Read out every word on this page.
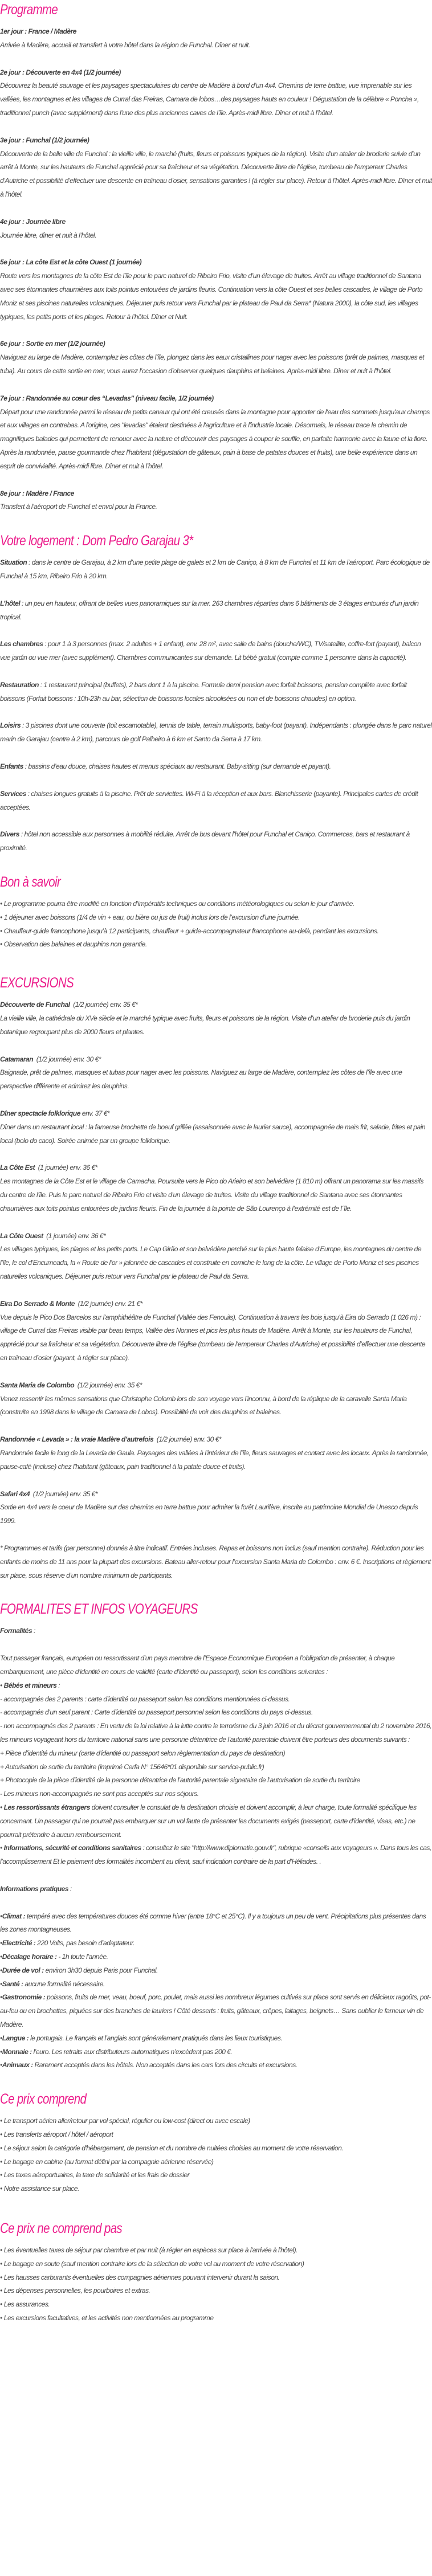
Programme

1er jour : France / Madère

Arrivée à Madère, accueil et transfert à votre hôtel dans la région de Funchal. Dîner et nuit.

2e jour : Découverte en 4x4 (1/2 journée)

Découvrez la beauté sauvage et les paysages spectaculaires du centre de Madère à bord d’un 4x4. Chemins de terre battue, vue imprenable sur les vallées, les montagnes et les villages de Curral das Freiras, Camara de lobos…des paysages hauts en couleur ! Dégustation de la célèbre « Poncha », traditionnel punch (avec supplément) dans l’une des plus anciennes caves de l’île. Après-midi libre. Dîner et nuit à l’hôtel.

3e jour : Funchal (1/2 journée)

Découverte de la belle ville de Funchal : la vieille ville, le marché (fruits, fleurs et poissons typiques de la région). Visite d’un atelier de broderie suivie d’un arrêt à Monte, sur les hauteurs de Funchal apprécié pour sa fraîcheur et sa végétation. Découverte libre de l’église, tombeau de l’empereur Charles d’Autriche et possibilité d’effectuer une descente en traîneau d’osier, sensations garanties ! (à régler sur place). Retour à l’hôtel. Après-midi libre. Dîner et nuit à l’hôtel.

4e jour : Journée libre

Journée libre, dîner et nuit à l’hôtel.

5e jour : La côte Est et la côte Ouest (1 journée)

Route vers les montagnes de la côte Est de l’île pour le parc naturel de Ribeiro Frio, visite d’un élevage de truites. Arrêt au village traditionnel de Santana avec ses étonnantes chaumières aux toits pointus entourées de jardins fleuris. Continuation vers la côte Ouest et ses belles cascades, le village de Porto Moniz et ses piscines naturelles volcaniques. Déjeuner puis retour vers Funchal par le plateau de Paul da Serra* (Natura 2000), la côte sud, les villages typiques, les petits ports et les plages. Retour à l’hôtel. Dîner et Nuit.

6e jour : Sortie en mer (1/2 journée)

Naviguez au large de Madère, contemplez les côtes de l’île, plongez dans les eaux cristallines pour nager avec les poissons (prêt de palmes, masques et tuba). Au cours de cette sortie en mer, vous aurez l’occasion d’observer quelques dauphins et baleines. Après-midi libre. Dîner et nuit à l’hôtel.

7e jour : Randonnée au cœur des “Levadas” (niveau facile, 1/2 journée)

Départ pour une randonnée parmi le réseau de petits canaux qui ont été creusés dans la montagne pour apporter de l'eau des sommets jusqu'aux champs et aux villages en contrebas. A l'origine, ces "levadas" étaient destinées à l'agriculture et à l'industrie locale. Désormais, le réseau trace le chemin de magnifiques balades qui permettent de renouer avec la nature et découvrir des paysages à couper le souffle, en parfaite harmonie avec la faune et la flore. Après la randonnée, pause gourmande chez l’habitant (dégustation de gâteaux, pain à base de patates douces et fruits), une belle expérience dans un esprit de convivialité. Après-midi libre. Dîner et nuit à l’hôtel.

8e jour : Madère / France

Transfert à l’aéroport de Funchal et envol pour la France.

Votre logement : Dom Pedro Garajau 3*

Situation : dans le centre de Garajau, à 2 km d’une petite plage de galets et 2 km de Caniço, à 8 km de Funchal et 11 km de l’aéroport. Parc écologique de Funchal à 15 km, Ribeiro Frio à 20 km.

L’hôtel : un peu en hauteur, offrant de belles vues panoramiques sur la mer. 263 chambres réparties dans 6 bâtiments de 3 étages entourés d’un jardin tropical.

Les chambres : pour 1 à 3 personnes (max. 2 adultes + 1 enfant), env. 28 m², avec salle de bains (douche/WC), TV/satellite, coffre-fort (payant), balcon vue jardin ou vue mer (avec supplément). Chambres communicantes sur demande. Lit bébé gratuit (compte comme 1 personne dans la capacité).

Restauration : 1 restaurant principal (buffets), 2 bars dont 1 à la piscine. Formule demi pension avec forfait boissons, pension complète avec forfait boissons (Forfait boissons : 10h-23h au bar, sélection de boissons locales alcoolisées ou non et de boissons chaudes) en option.

Loisirs : 3 piscines dont une couverte (toit escamotable), tennis de table, terrain multisports, baby-foot (payant). Indépendants : plongée dans le parc naturel marin de Garajau (centre à 2 km), parcours de golf Palheiro à 6 km et Santo da Serra à 17 km.

Enfants : bassins d’eau douce, chaises hautes et menus spéciaux au restaurant. Baby-sitting (sur demande et payant).

Services : chaises longues gratuits à la piscine. Prêt de serviettes. Wi-Fi à la réception et aux bars. Blanchisserie (payante). Principales cartes de crédit acceptées.

Divers : hôtel non accessible aux personnes à mobilité réduite. Arrêt de bus devant l’hôtel pour Funchal et Caniço. Commerces, bars et restaurant à proximité.

Bon à savoir
• Le programme pourra être modifié en fonction d’impératifs techniques ou conditions météorologiques ou selon le jour d’arrivée.
• 1 déjeuner avec boissons (1/4 de vin + eau, ou bière ou jus de fruit) inclus lors de l’excursion d’une journée.
• Chauffeur-guide francophone jusqu’à 12 participants, chauffeur + guide-accompagnateur francophone au-delà, pendant les excursions.
• Observation des baleines et dauphins non garantie.
EXCURSIONS

Découverte de Funchal  (1/2 journée) env. 35 €*

La vieille ville, la cathédrale du XVe siècle et le marché typique avec fruits, fleurs et poissons de la région. Visite d’un atelier de broderie puis du jardin botanique regroupant plus de 2000 fleurs et plantes.

Catamaran  (1/2 journée) env. 30 €*

Baignade, prêt de palmes, masques et tubas pour nager avec les poissons. Naviguez au large de Madère, contemplez les côtes de l’île avec une perspective différente et admirez les dauphins.

Dîner spectacle folklorique env. 37 €*

Dîner dans un restaurant local : la fameuse brochette de boeuf grillée (assaisonnée avec le laurier sauce), accompagnée de maïs frit, salade, frites et pain local (bolo do caco). Soirée animée par un groupe folklorique.

La Côte Est  (1 journée) env. 36 €*

Les montagnes de la Côte Est et le village de Camacha. Poursuite vers le Pico do Arieiro et son belvédère (1 810 m) offrant un panorama sur les massifs du centre de l’île. Puis le parc naturel de Ribeiro Frio et visite d’un élevage de truites. Visite du village traditionnel de Santana avec ses étonnantes chaumières aux toits pointus entourées de jardins fleuris. Fin de la journée à la pointe de São Lourenço à l’extrémité est de l´île.

La Côte Ouest  (1 journée) env. 36 €*

Les villages typiques, les plages et les petits ports. Le Cap Girão et son belvédère perché sur la plus haute falaise d’Europe, les montagnes du centre de l’île, le col d’Encumeada, la « Route de l’or » jalonnée de cascades et construite en corniche le long de la côte. Le village de Porto Moniz et ses piscines naturelles volcaniques. Déjeuner puis retour vers Funchal par le plateau de Paul da Serra.

Eira Do Serrado & Monte  (1/2 journée) env. 21 €*

Vue depuis le Pico Dos Barcelos sur l’amphithéâtre de Funchal (Vallée des Fenouils). Continuation à travers les bois jusqu’à Eira do Serrado (1 026 m) : village de Curral das Freiras visible par beau temps, Vallée des Nonnes et pics les plus hauts de Madère. Arrêt à Monte, sur les hauteurs de Funchal, apprécié pour sa fraîcheur et sa végétation. Découverte libre de l’église (tombeau de l’empereur Charles d’Autriche) et possibilité d’effectuer une descente en traîneau d’osier (payant, à régler sur place).

Santa Maria de Colombo  (1/2 journée) env. 35 €*

Venez ressentir les mêmes sensations que Christophe Colomb lors de son voyage vers l’inconnu, à bord de la réplique de la caravelle Santa Maria (construite en 1998 dans le village de Camara de Lobos). Possibilité de voir des dauphins et baleines.

Randonnée « Levada » : la vraie Madère d’autrefois  (1/2 journée) env. 30 €*

Randonnée facile le long de la Levada de Gaula. Paysages des vallées à l’intérieur de l’île, fleurs sauvages et contact avec les locaux. Après la randonnée, pause-café (incluse) chez l’habitant (gâteaux, pain traditionnel à la patate douce et fruits).

Safari 4x4  (1/2 journée) env. 35 €*

Sortie en 4x4 vers le coeur de Madère sur des chemins en terre battue pour admirer la forêt Laurifère, inscrite au patrimoine Mondial de Unesco depuis 1999.

* Programmes et tarifs (par personne) donnés à titre indicatif. Entrées incluses. Repas et boissons non inclus (sauf mention contraire). Réduction pour les enfants de moins de 11 ans pour la plupart des excursions. Bateau aller-retour pour l’excursion Santa Maria de Colombo : env. 6 €. Inscriptions et règlement sur place, sous réserve d’un nombre minimum de participants.

FORMALITES ET INFOS VOYAGEURS

Formalités :

Tout passager français, européen ou ressortissant d’un pays membre de l’Espace Economique Européen a l’obligation de présenter, à chaque embarquement, une pièce d’identité en cours de validité (carte d’identité ou passeport), selon les conditions suivantes :

• Bébés et mineurs :

- accompagnés des 2 parents : carte d’identité ou passeport selon les conditions mentionnées ci-dessus.

- accompagnés d’un seul parent : Carte d’identité ou passeport personnel selon les conditions du pays ci-dessus.

- non accompagnés des 2 parents : En vertu de la loi relative à la lutte contre le terrorisme du 3 juin 2016 et du décret gouvernemental du 2 novembre 2016, les mineurs voyageant hors du territoire national sans une personne détentrice de l’autorité parentale doivent être porteurs des documents suivants :

+ Pièce d’identité du mineur (carte d’identité ou passeport selon règlementation du pays de destination)

+ Autorisation de sortie du territoire (imprimé Cerfa N° 15646*01 disponible sur service-public.fr)

+ Photocopie de la pièce d’identité de la personne détentrice de l’autorité parentale signataire de l’autorisation de sortie du territoire

- Les mineurs non-accompagnés ne sont pas acceptés sur nos séjours.

• Les ressortissants étrangers doivent consulter le consulat de la destination choisie et doivent accomplir, à leur charge, toute formalité spécifique les concernant. Un passager qui ne pourrait pas embarquer sur un vol faute de présenter les documents exigés (passeport, carte d’identité, visas, etc.) ne pourrait prétendre à aucun remboursement.

• Informations, sécurité et conditions sanitaires : consultez le site "http://www.diplomatie.gouv.fr", rubrique «conseils aux voyageurs ». Dans tous les cas, l’accomplissement Et le paiement des formalités incombent au client, sauf indication contraire de la part d’Héliades. .

Informations pratiques :

•Climat : tempéré avec des températures douces été comme hiver (entre 18°C et 25°C). Il y a toujours un peu de vent. Précipitations plus présentes dans les zones montagneuses.

•Electricité : 220 Volts, pas besoin d’adaptateur.

•Décalage horaire : - 1h toute l’année.

•Durée de vol : environ 3h30 depuis Paris pour Funchal.

•Santé : aucune formalité nécessaire.

•Gastronomie : poissons, fruits de mer, veau, boeuf, porc, poulet, mais aussi les nombreux légumes cultivés sur place sont servis en délicieux ragoûts, pot-au-feu ou en brochettes, piquées sur des branches de lauriers ! Côté desserts : fruits, gâteaux, crêpes, laitages, beignets… Sans oublier le fameux vin de Madère.

•Langue : le portugais. Le français et l’anglais sont généralement pratiqués dans les lieux touristiques.

•Monnaie : l’euro. Les retraits aux distributeurs automatiques n’excèdent pas 200 €.

•Animaux : Rarement acceptés dans les hôtels. Non acceptés dans les cars lors des circuits et excursions.

Ce prix comprend
• Le transport aérien aller/retour par vol spécial, régulier ou low-cost (direct ou avec escale)
• Les transferts aéroport / hôtel / aéroport
• Le séjour selon la catégorie d'hébergement, de pension et du nombre de nuitées choisies au moment de votre réservation.
• Le bagage en cabine (au format défini par la compagnie aérienne réservée)
• Les taxes aéroportuaires, la taxe de solidarité et les frais de dossier
• Notre assistance sur place.
Ce prix ne comprend pas
• Les éventuelles taxes de séjour par chambre et par nuit (à régler en espèces sur place à l'arrivée à l'hôtel).
• Le bagage en soute (sauf mention contraire lors de la sélection de votre vol au moment de votre réservation)
• Les hausses carburants éventuelles des compagnies aériennes pouvant intervenir durant la saison.
• Les dépenses personnelles, les pourboires et extras.
• Les assurances.
• Les excursions facultatives, et les activités non mentionnées au programme
